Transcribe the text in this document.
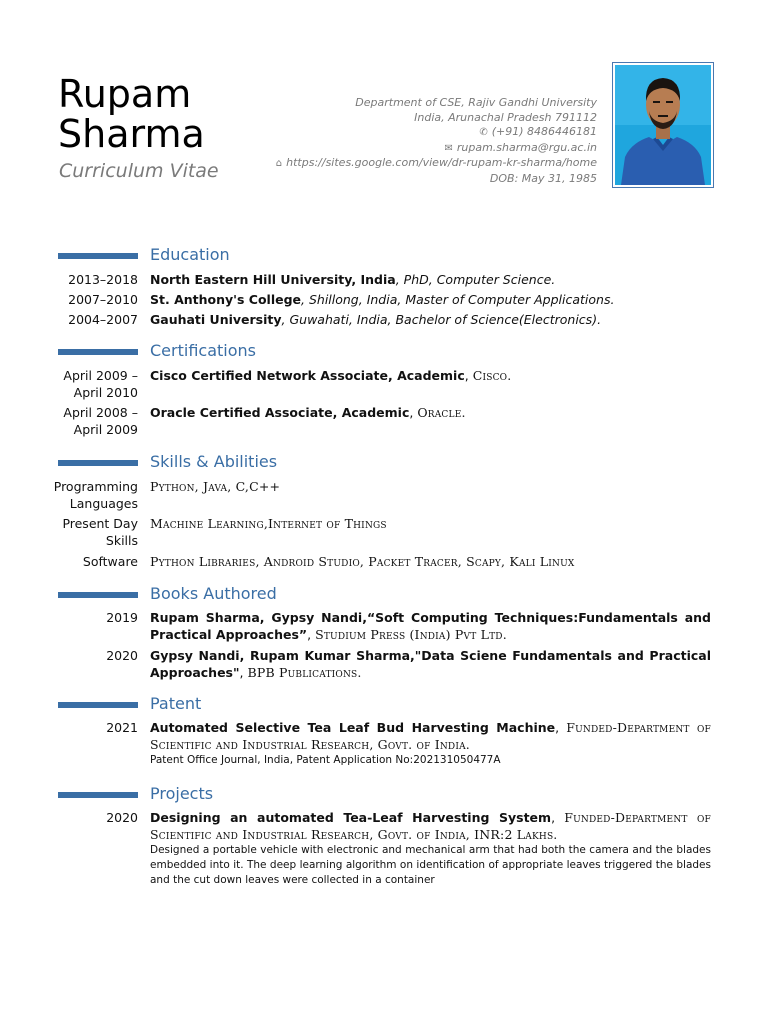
Rupam
Sharma
Curriculum Vitae
Department of CSE, Rajiv Gandhi University
India, Arunachal Pradesh 791112
✆ (+91) 8486446181
✉ rupam.sharma@rgu.ac.in
⌂ https://sites.google.com/view/dr-rupam-kr-sharma/home
DOB: May 31, 1985
Education
2013–2018 North Eastern Hill University, India, PhD, Computer Science.
2007–2010 St. Anthony's College, Shillong, India, Master of Computer Applications.
2004–2007 Gauhati University, Guwahati, India, Bachelor of Science(Electronics).
Certifications
April 2009 –
April 2010
Cisco Certified Network Associate, Academic, Cisco.
April 2008 –
April 2009
Oracle Certified Associate, Academic, Oracle.
Skills & Abilities
Programming
Languages
Python, Java, C,C++
Present Day
Skills
Machine Learning,Internet of Things
Software Python Libraries, Android Studio, Packet Tracer, Scapy, Kali Linux
Books Authored
2019 Rupam Sharma, Gypsy Nandi,“Soft Computing Techniques:Fundamentals and Practical Approaches”, Studium Press (India) Pvt Ltd.
2020 Gypsy Nandi, Rupam Kumar Sharma,"Data Sciene Fundamentals and Practical Approaches", BPB Publications.
Patent
2021 Automated Selective Tea Leaf Bud Harvesting Machine, Funded-Department of Scientific and Industrial Research, Govt. of India.
Patent Office Journal, India, Patent Application No:202131050477A
Projects
2020 Designing an automated Tea-Leaf Harvesting System, Funded-Department of Scientific and Industrial Research, Govt. of India, INR:2 Lakhs.
Designed a portable vehicle with electronic and mechanical arm that had both the camera and the blades embedded into it. The deep learning algorithm on identification of appropriate leaves triggered the blades and the cut down leaves were collected in a container
